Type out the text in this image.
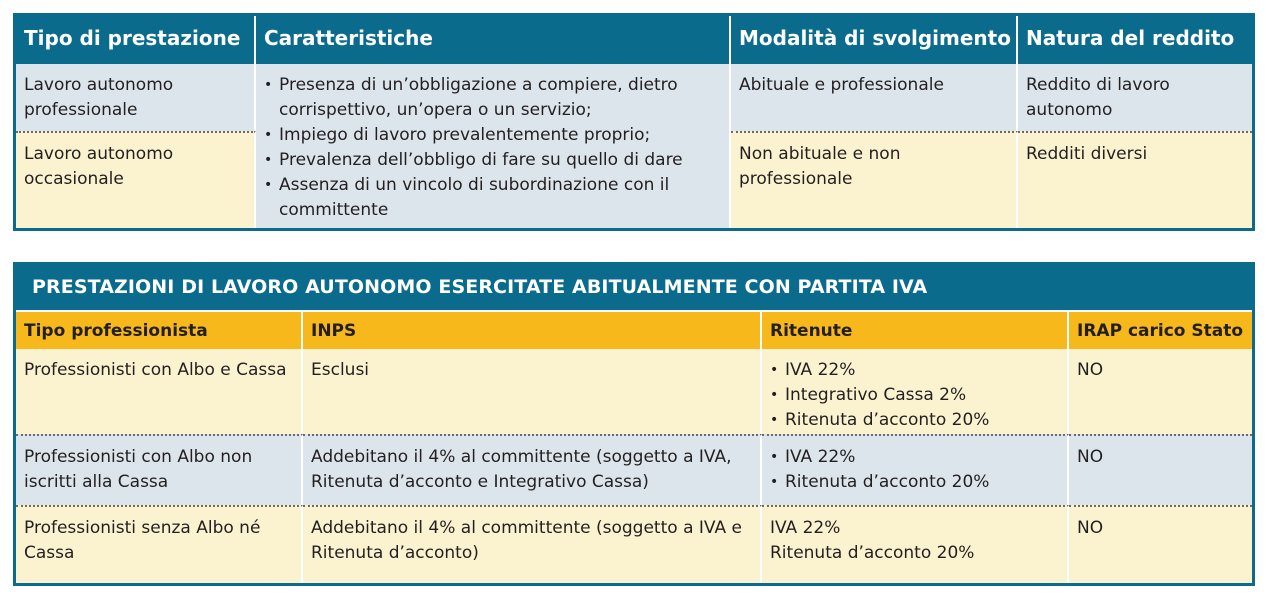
Tipo di prestazione	Caratteristiche	Modalità di svolgimento Natura del reddito
Lavoro autonomo professionale
Abituale e professionale	Reddito di lavoro autonomo
Lavoro autonomo occasionale
Non abituale e non professionale
Redditi diversi
• Presenza di un’obbligazione a compiere, dietro corrispettivo, un’opera o un servizio;
• Impiego di lavoro prevalentemente proprio;
• Prevalenza dell’obbligo di fare su quello di dare
• Assenza di un vincolo di subordinazione con il committente
PRESTAZIONI DI LAVORO AUTONOMO ESERCITATE ABITUALMENTE CON PARTITA IVA
Tipo professionista	INPS	Ritenute	IRAP carico Stato
Professionisti con Albo e Cassa	Esclusi
•	IVA 22%
• Integrativo Cassa 2%
• Ritenuta d’acconto 20%
NO
Professionisti con Albo non iscritti alla Cassa
Addebitano il 4% al committente (soggetto a IVA, Ritenuta d’acconto e Integrativo Cassa)
• IVA 22%
• Ritenuta d’acconto 20%
NO
Professionisti senza Albo né Cassa
Addebitano il 4% al committente (soggetto a IVA e Ritenuta d’acconto)
IVA 22%
Ritenuta d’acconto 20%
NO
